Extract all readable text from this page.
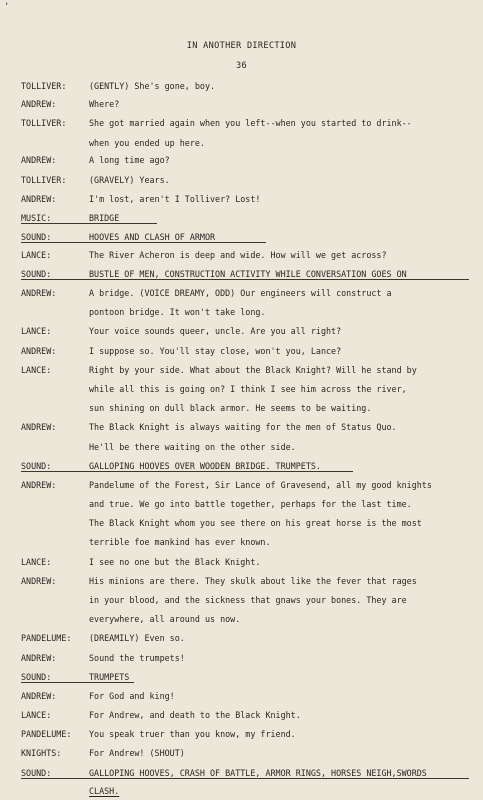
'
IN ANOTHER DIRECTION
36
TOLLIVER:	(GENTLY) She's gone, boy.
ANDREW:	Where?
TOLLIVER:	She got married again when you left--when you started to drink--
when you ended up here.
ANDREW:	A long time ago?
TOLLIVER:	(GRAVELY) Years.
ANDREW:	I'm lost, aren't I Tolliver? Lost!
MUSIC:	BRIDGE
SOUND:	HOOVES AND CLASH OF ARMOR
LANCE:	The River Acheron is deep and wide. How will we get across?
SOUND:	BUSTLE OF MEN, CONSTRUCTION ACTIVITY WHILE CONVERSATION GOES ON
ANDREW:	A bridge. (VOICE DREAMY, ODD) Our engineers will construct a
pontoon bridge. It won't take long.
LANCE:	Your voice sounds queer, uncle. Are you all right?
ANDREW:	I suppose so. You'll stay close, won't you, Lance?
LANCE:	Right by your side. What about the Black Knight? Will he stand by
while all this is going on? I think I see him across the river,
sun shining on dull black armor. He seems to be waiting.
ANDREW:	The Black Knight is always waiting for the men of Status Quo.
He'll be there waiting on the other side.
SOUND:	GALLOPING HOOVES OVER WOODEN BRIDGE. TRUMPETS.
ANDREW:	Pandelume of the Forest, Sir Lance of Gravesend, all my good knights
and true. We go into battle together, perhaps for the last time.
The Black Knight whom you see there on his great horse is the most
terrible foe mankind has ever known.
LANCE:	I see no one but the Black Knight.
ANDREW:	His minions are there. They skulk about like the fever that rages
in your blood, and the sickness that gnaws your bones. They are
everywhere, all around us now.
PANDELUME:	(DREAMILY) Even so.
ANDREW:	Sound the trumpets!
SOUND:	TRUMPETS
ANDREW:	For God and king!
LANCE:	For Andrew, and death to the Black Knight.
PANDELUME:	You speak truer than you know, my friend.
KNIGHTS:	For Andrew! (SHOUT)
SOUND:	GALLOPING HOOVES, CRASH OF BATTLE, ARMOR RINGS, HORSES NEIGH,SWORDS
CLASH.
